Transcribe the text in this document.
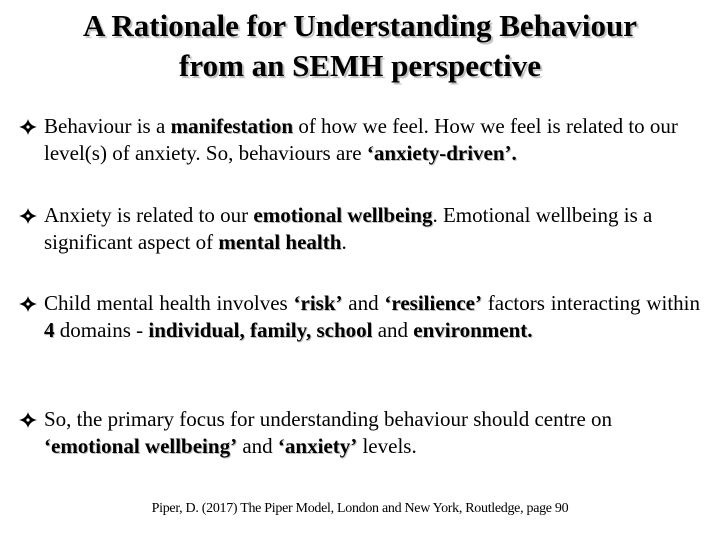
A Rationale for Understanding Behaviour
from an SEMH perspective
Behaviour is a manifestation of how we feel. How we feel is related to our level(s) of anxiety. So, behaviours are ‘anxiety-driven’.
Anxiety is related to our emotional wellbeing. Emotional wellbeing is a significant aspect of mental health.
Child mental health involves ‘risk’ and ‘resilience’ factors interacting within 4 domains - individual, family, school and environment.
So, the primary focus for understanding behaviour should centre on ‘emotional wellbeing’ and ‘anxiety’ levels.
Piper, D. (2017) The Piper Model, London and New York, Routledge, page 90
